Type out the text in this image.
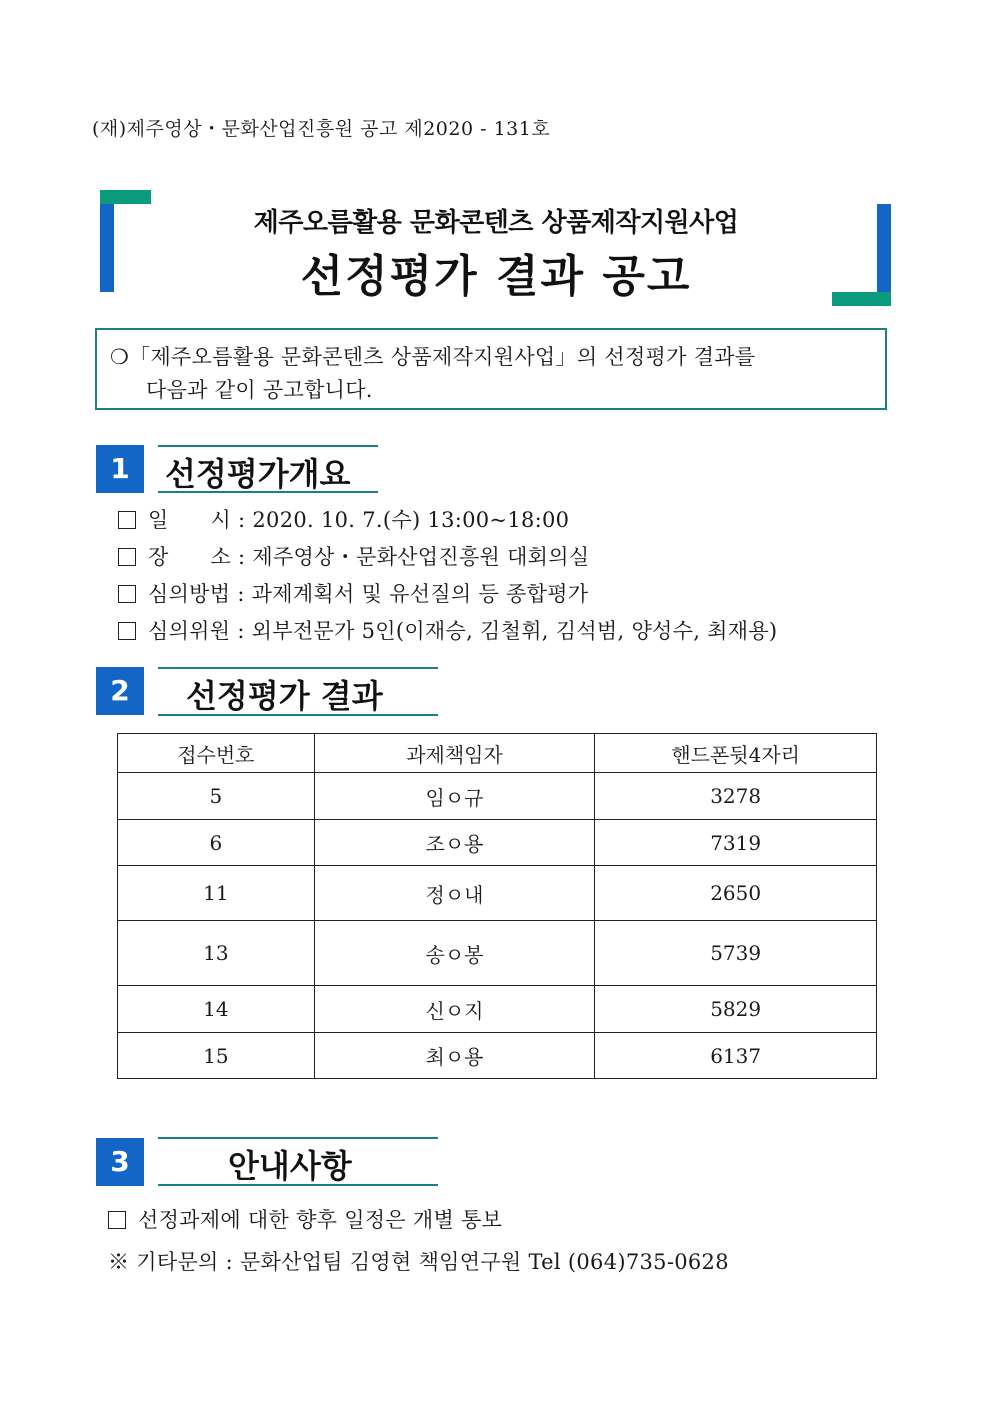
(재)제주영상・문화산업진흥원 공고 제2020 - 131호
제주오름활용 문화콘텐츠 상품제작지원사업
선정평가 결과 공고
❍「제주오름활용 문화콘텐츠 상품제작지원사업」의 선정평가 결과를
다음과 같이 공고합니다.
1	선정평가개요
일      시 : 2020. 10. 7.(수) 13:00~18:00
장      소 : 제주영상・문화산업진흥원 대회의실
심의방법 : 과제계획서 및 유선질의 등 종합평가
심의위원 : 외부전문가 5인(이재승, 김철휘, 김석범, 양성수, 최재용)
2	선정평가 결과
접수번호	과제책임자	핸드폰뒷4자리
5	임ㅇ규	3278
6	조ㅇ용	7319
11	정ㅇ내	2650
13	송ㅇ봉	5739
14	신ㅇ지	5829
15	최ㅇ용	6137
3	안내사항
선정과제에 대한 향후 일정은 개별 통보
※ 기타문의 : 문화산업팀 김영현 책임연구원 Tel (064)735-0628
